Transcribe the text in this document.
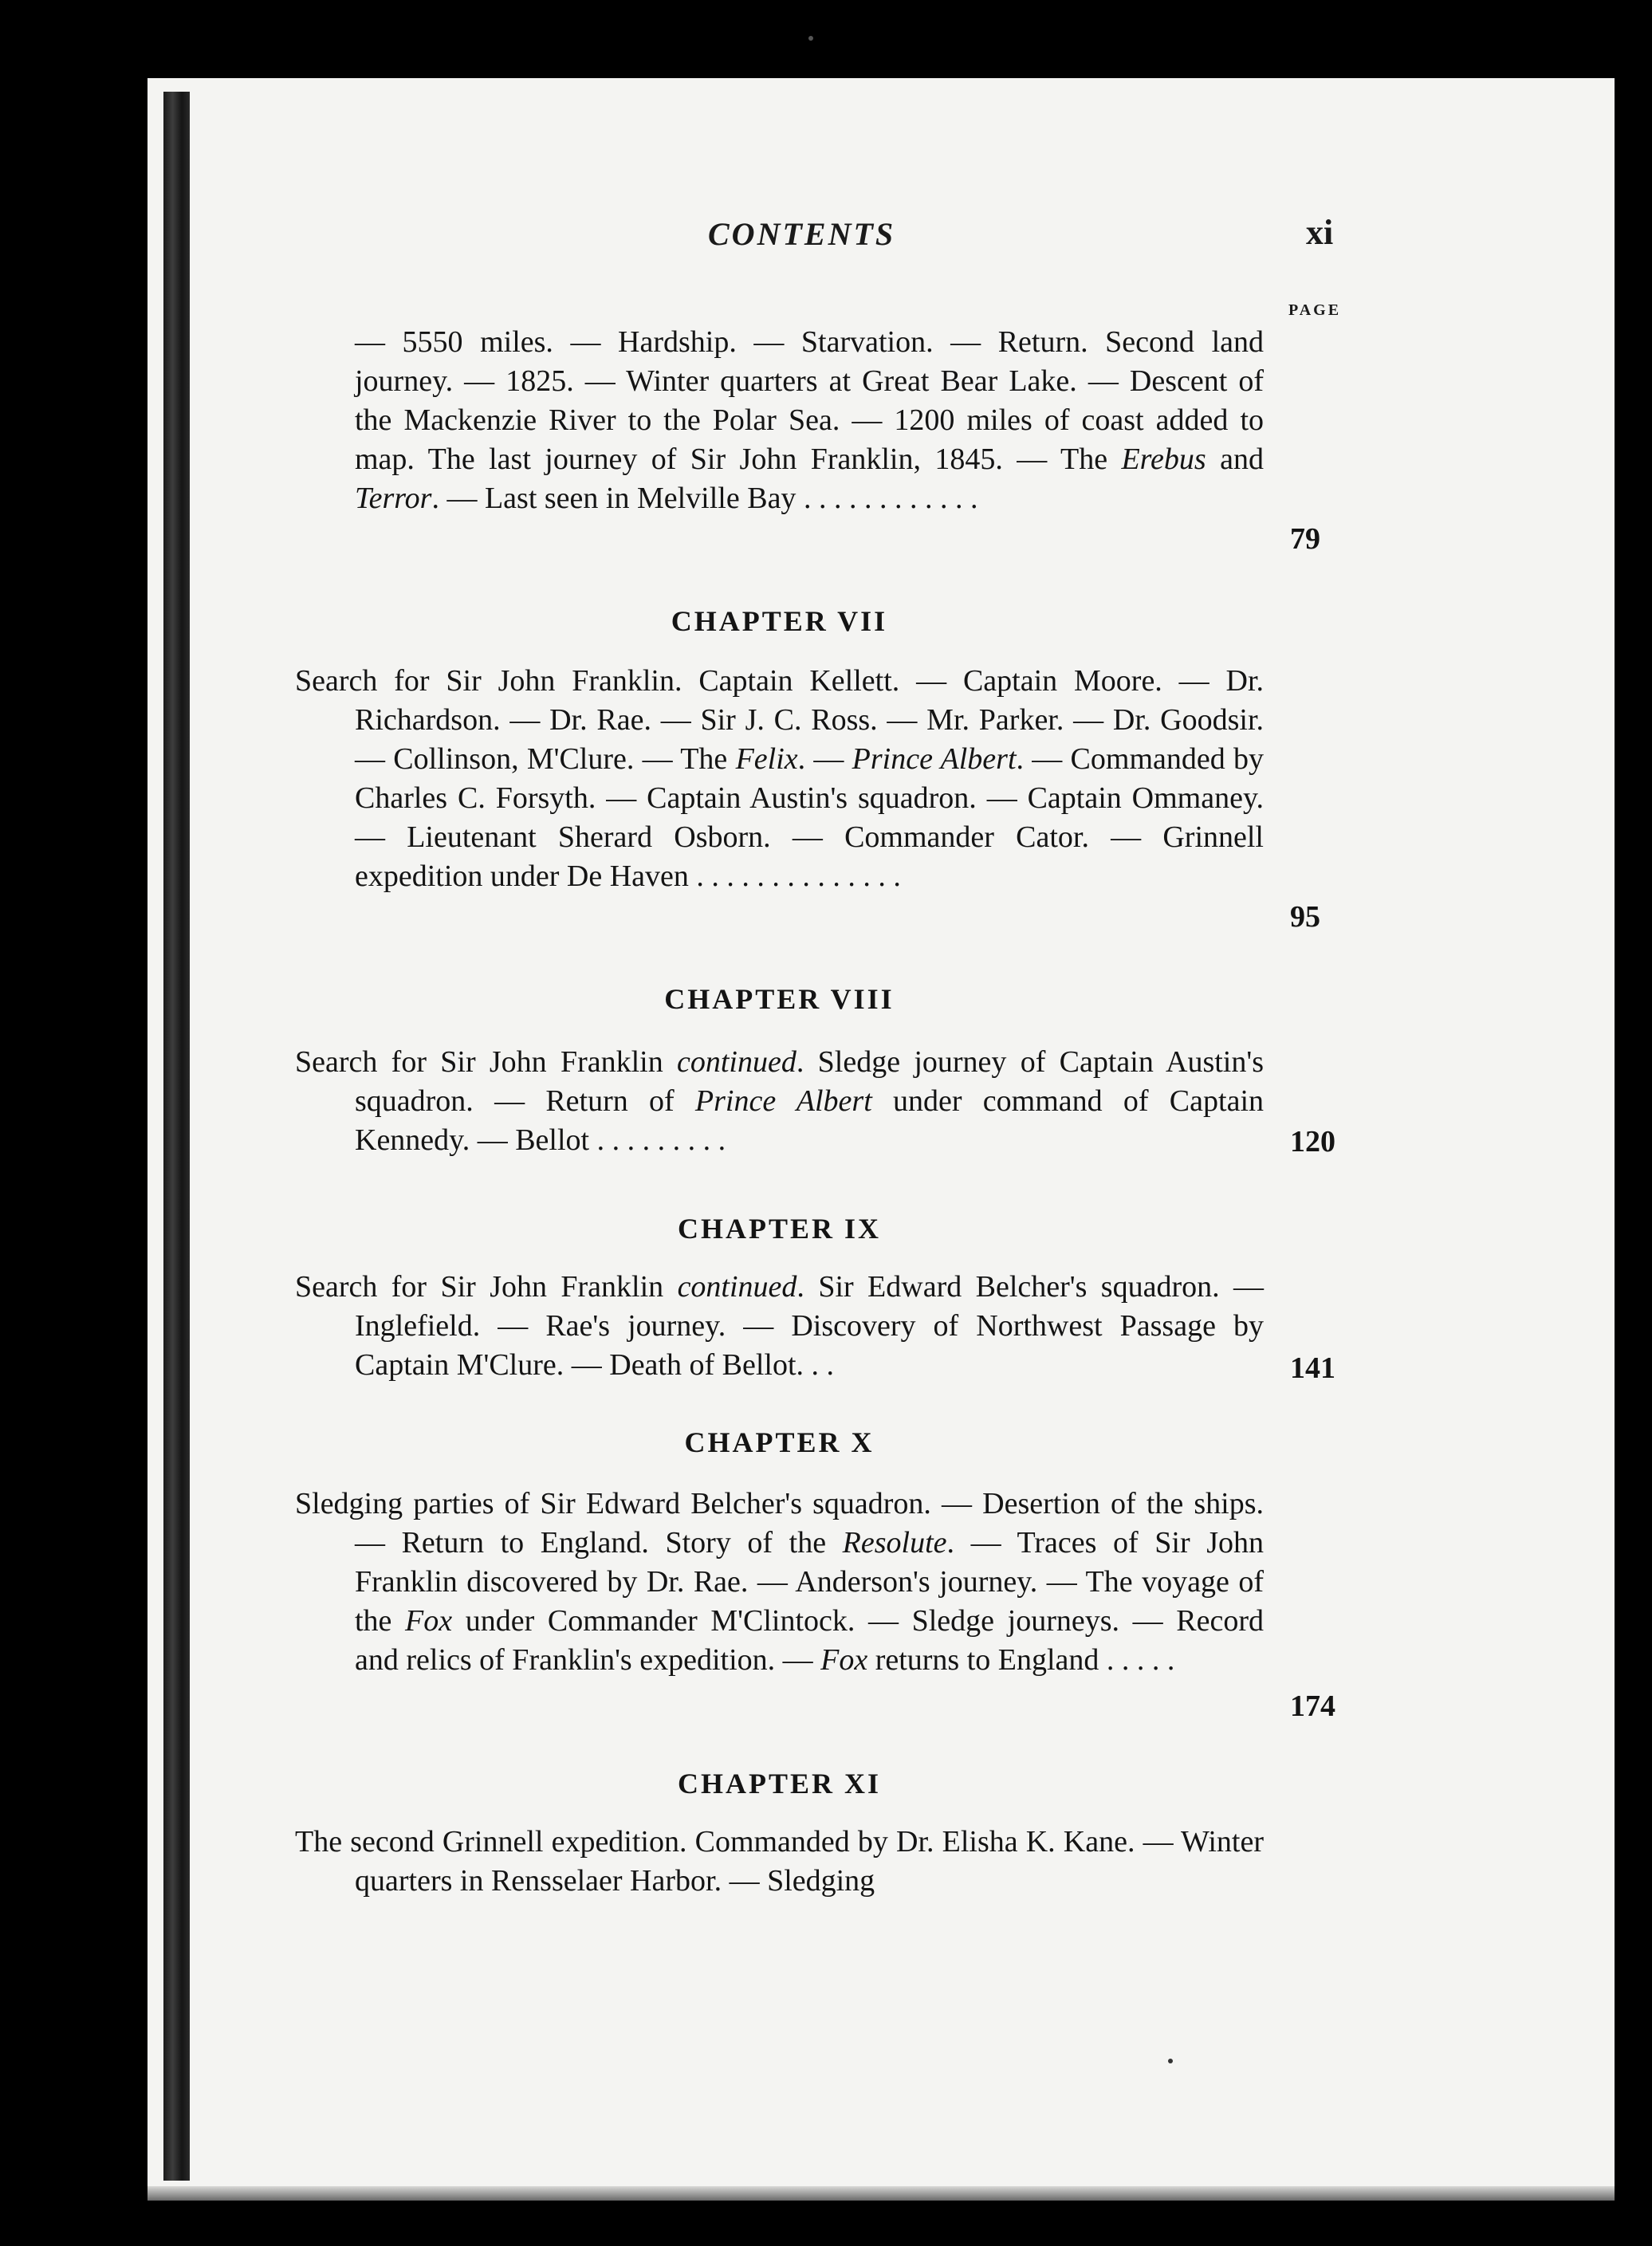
CONTENTS	xi
PAGE
— 5550 miles. — Hardship. — Starvation. — Return. Second land journey. — 1825. — Winter quarters at Great Bear Lake. — Descent of the Mackenzie River to the Polar Sea. — 1200 miles of coast added to map. The last journey of Sir John Franklin, 1845. — The Erebus and Terror. — Last seen in Melville Bay . . . . . . . . . . . .
79
CHAPTER VII
Search for Sir John Franklin. Captain Kellett. — Captain Moore. — Dr. Richardson. — Dr. Rae. — Sir J. C. Ross. — Mr. Parker. — Dr. Goodsir. — Collinson, M'Clure. — The Felix. — Prince Albert. — Commanded by Charles C. Forsyth. — Captain Austin's squadron. — Captain Ommaney. — Lieutenant Sherard Osborn. — Commander Cator. — Grinnell expedition under De Haven . . . . . . . . . . . . . .
95
CHAPTER VIII
Search for Sir John Franklin continued. Sledge journey of Captain Austin's squadron. — Return of Prince Albert under command of Captain Kennedy. — Bellot . . . . . . . . .	120
CHAPTER IX
Search for Sir John Franklin continued. Sir Edward Belcher's squadron. — Inglefield. — Rae's journey. — Discovery of Northwest Passage by Captain M'Clure. — Death of Bellot. . .	141
CHAPTER X
Sledging parties of Sir Edward Belcher's squadron. — Desertion of the ships. — Return to England. Story of the Resolute. — Traces of Sir John Franklin discovered by Dr. Rae. — Anderson's journey. — The voyage of the Fox under Commander M'Clintock. — Sledge journeys. — Record and relics of Franklin's expedition. — Fox returns to England . . . . .
174
CHAPTER XI
The second Grinnell expedition. Commanded by Dr. Elisha K. Kane. — Winter quarters in Rensselaer Harbor. — Sledging
